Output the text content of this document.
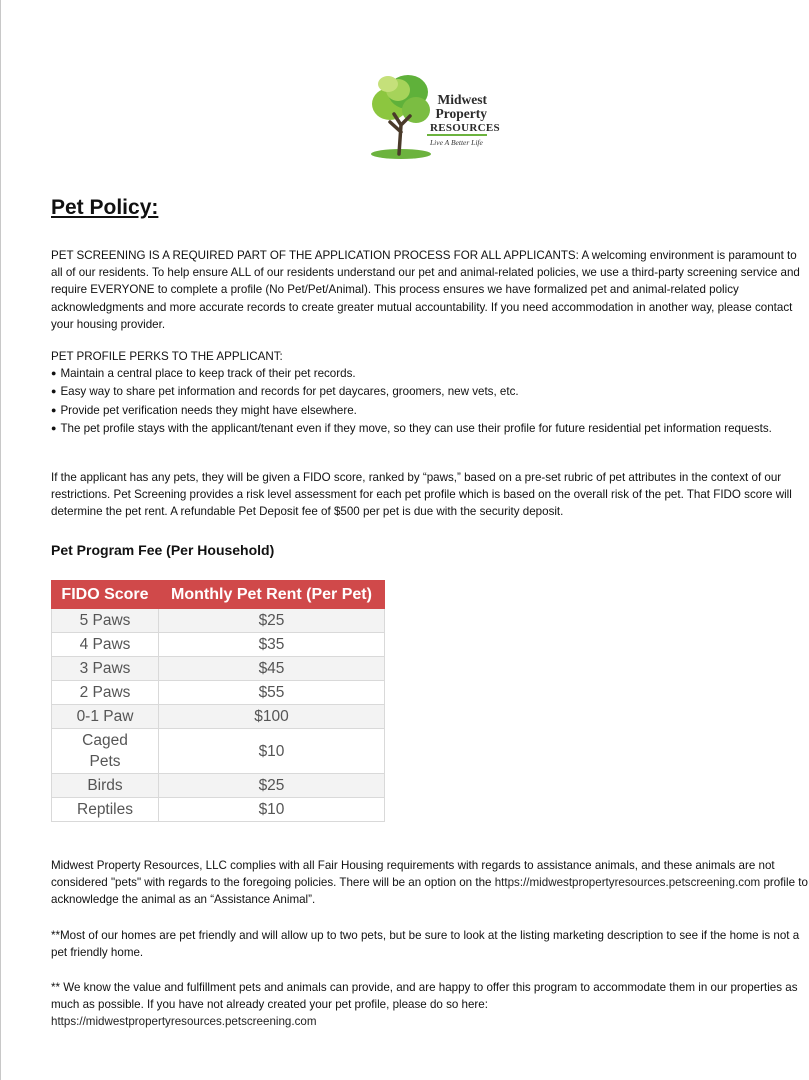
Midwest
Property
RESOURCES
Live A Better Life
Pet Policy:

PET SCREENING IS A REQUIRED PART OF THE APPLICATION PROCESS FOR ALL APPLICANTS: A welcoming environment is paramount to all of our residents. To help ensure ALL of our residents understand our pet and animal-related policies, we use a third-party screening service and require EVERYONE to complete a profile (No Pet/Pet/Animal). This process ensures we have formalized pet and animal-related policy acknowledgments and more accurate records to create greater mutual accountability. If you need accommodation in another way, please contact your housing provider.

PET PROFILE PERKS TO THE APPLICANT:
● Maintain a central place to keep track of their pet records.
● Easy way to share pet information and records for pet daycares, groomers, new vets, etc.
● Provide pet verification needs they might have elsewhere.
● The pet profile stays with the applicant/tenant even if they move, so they can use their profile for future residential pet information requests.

If the applicant has any pets, they will be given a FIDO score, ranked by “paws,” based on a pre-set rubric of pet attributes in the context of our restrictions. Pet Screening provides a risk level assessment for each pet profile which is based on the overall risk of the pet. That FIDO score will determine the pet rent. A refundable Pet Deposit fee of $500 per pet is due with the security deposit.

Pet Program Fee (Per Household)
FIDO Score	Monthly Pet Rent (Per Pet)
5 Paws	$25
4 Paws	$35
3 Paws	$45
2 Paws	$55
0-1 Paw	$100
Caged Pets	$10
Birds	$25
Reptiles	$10

Midwest Property Resources, LLC complies with all Fair Housing requirements with regards to assistance animals, and these animals are not considered "pets" with regards to the foregoing policies. There will be an option on the https://midwestpropertyresources.petscreening.com profile to acknowledge the animal as an “Assistance Animal”.

**Most of our homes are pet friendly and will allow up to two pets, but be sure to look at the listing marketing description to see if the home is not a pet friendly home.

** We know the value and fulfillment pets and animals can provide, and are happy to offer this program to accommodate them in our properties as much as possible. If you have not already created your pet profile, please do so here:
https://midwestpropertyresources.petscreening.com
